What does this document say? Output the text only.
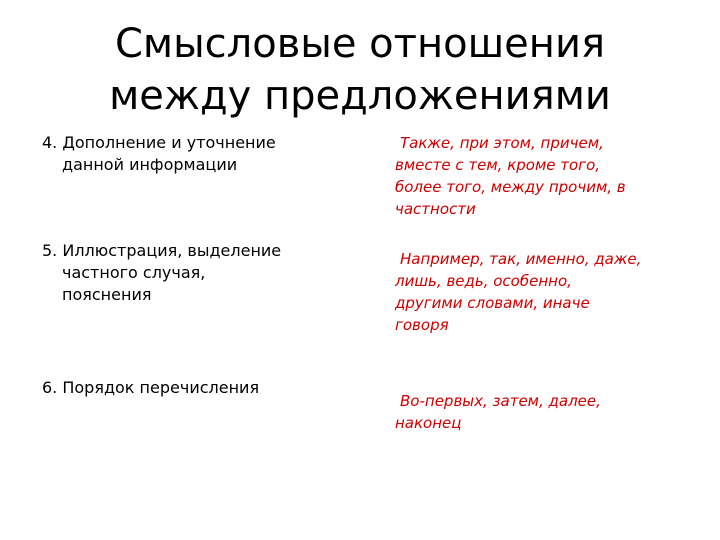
Смысловые отношения
между предложениями
4. Дополнение и уточнение
данной информации
Также, при этом, причем,
вместе с тем, кроме того,
более того, между прочим, в
частности
5. Иллюстрация, выделение
частного случая,
пояснения
Например, так, именно, даже,
лишь, ведь, особенно,
другими словами, иначе
говоря
6. Порядок перечисления
Во-первых, затем, далее,
наконец
